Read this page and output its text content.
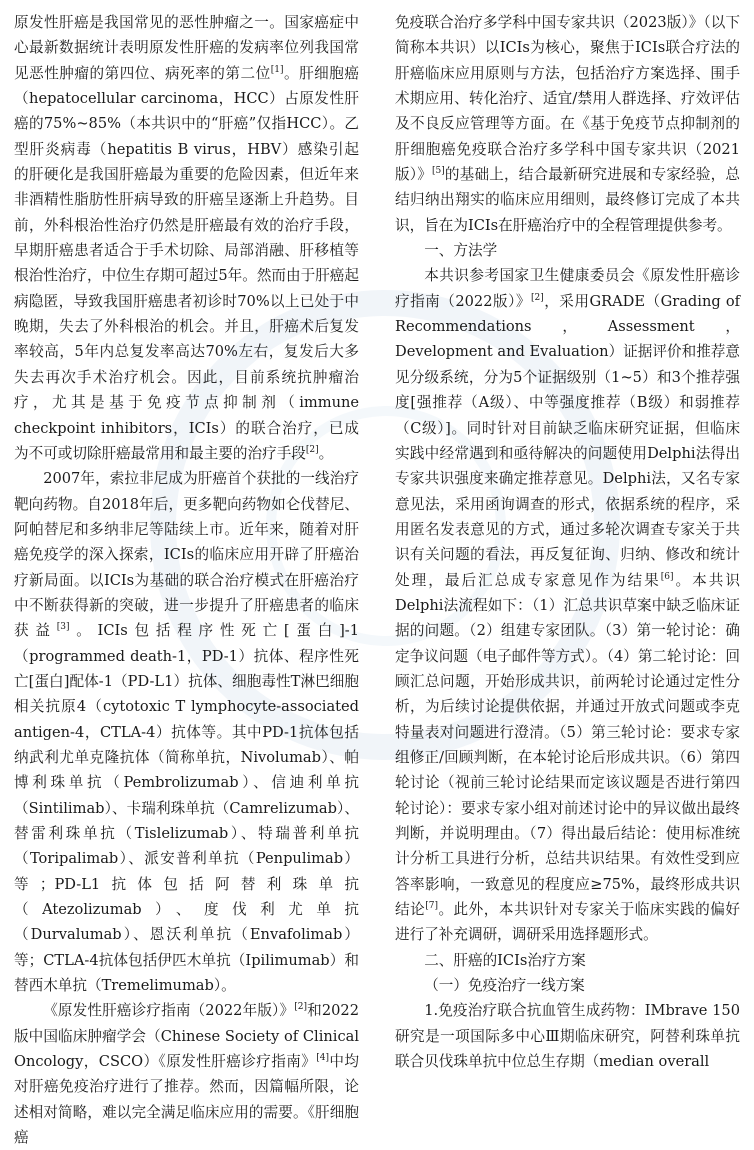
原发性肝癌是我国常见的恶性肿瘤之一。国家癌症中心最新数据统计表明原发性肝癌的发病率位列我国常见恶性肿瘤的第四位、病死率的第二位[1]。肝细胞癌（hepatocellular carcinoma，HCC）占原发性肝癌的75%~85%（本共识中的“肝癌”仅指HCC）。乙型肝炎病毒（hepatitis B virus，HBV）感染引起的肝硬化是我国肝癌最为重要的危险因素，但近年来非酒精性脂肪性肝病导致的肝癌呈逐渐上升趋势。目前，外科根治性治疗仍然是肝癌最有效的治疗手段，早期肝癌患者适合于手术切除、局部消融、肝移植等根治性治疗，中位生存期可超过5年。然而由于肝癌起病隐匿，导致我国肝癌患者初诊时70%以上已处于中晚期，失去了外科根治的机会。并且，肝癌术后复发率较高，5年内总复发率高达70%左右，复发后大多失去再次手术治疗机会。因此，目前系统抗肿瘤治疗，尤其是基于免疫节点抑制剂（immune checkpoint inhibitors，ICIs）的联合治疗，已成为不可或切除肝癌最常用和最主要的治疗手段[2]。

2007年，索拉非尼成为肝癌首个获批的一线治疗靶向药物。自2018年后，更多靶向药物如仑伐替尼、阿帕替尼和多纳非尼等陆续上市。近年来，随着对肝癌免疫学的深入探索，ICIs的临床应用开辟了肝癌治疗新局面。以ICIs为基础的联合治疗模式在肝癌治疗中不断获得新的突破，进一步提升了肝癌患者的临床获益[3]。ICIs包括程序性死亡[蛋白]-1（programmed death-1，PD-1）抗体、程序性死亡[蛋白]配体-1（PD-L1）抗体、细胞毒性T淋巴细胞相关抗原4（cytotoxic T lymphocyte-associated antigen-4，CTLA-4）抗体等。其中PD-1抗体包括纳武利尤单克隆抗体（简称单抗，Nivolumab）、帕博利珠单抗（Pembrolizumab）、信迪利单抗（Sintilimab）、卡瑞利珠单抗（Camrelizumab）、替雷利珠单抗（Tislelizumab）、特瑞普利单抗（Toripalimab）、派安普利单抗（Penpulimab）等；PD-L1抗体包括阿替利珠单抗（Atezolizumab）、度伐利尤单抗（Durvalumab）、恩沃利单抗（Envafolimab）等；CTLA-4抗体包括伊匹木单抗（Ipilimumab）和替西木单抗（Tremelimumab）。

《原发性肝癌诊疗指南（2022年版）》[2]和2022版中国临床肿瘤学会（Chinese Society of Clinical Oncology，CSCO）《原发性肝癌诊疗指南》[4]中均对肝癌免疫治疗进行了推荐。然而，因篇幅所限，论述相对简略，难以完全满足临床应用的需要。《肝细胞癌

免疫联合治疗多学科中国专家共识（2023版）》（以下简称本共识）以ICIs为核心，聚焦于ICIs联合疗法的肝癌临床应用原则与方法，包括治疗方案选择、围手术期应用、转化治疗、适宜/禁用人群选择、疗效评估及不良反应管理等方面。在《基于免疫节点抑制剂的肝细胞癌免疫联合治疗多学科中国专家共识（2021版）》[5]的基础上，结合最新研究进展和专家经验，总结归纳出翔实的临床应用细则，最终修订完成了本共识，旨在为ICIs在肝癌治疗中的全程管理提供参考。

一、方法学

本共识参考国家卫生健康委员会《原发性肝癌诊疗指南（2022版）》[2]，采用GRADE（Grading of Recommendations，Assessment，Development and Evaluation）证据评价和推荐意见分级系统，分为5个证据级别（1~5）和3个推荐强度[强推荐（A级）、中等强度推荐（B级）和弱推荐（C级）]。同时针对目前缺乏临床研究证据，但临床实践中经常遇到和亟待解决的问题使用Delphi法得出专家共识强度来确定推荐意见。Delphi法，又名专家意见法，采用函询调查的形式，依据系统的程序，采用匿名发表意见的方式，通过多轮次调查专家关于共识有关问题的看法，再反复征询、归纳、修改和统计处理，最后汇总成专家意见作为结果[6]。本共识Delphi法流程如下：（1）汇总共识草案中缺乏临床证据的问题。（2）组建专家团队。（3）第一轮讨论：确定争议问题（电子邮件等方式）。（4）第二轮讨论：回顾汇总问题，开始形成共识，前两轮讨论通过定性分析，为后续讨论提供依据，并通过开放式问题或李克特量表对问题进行澄清。（5）第三轮讨论：要求专家组修正/回顾判断，在本轮讨论后形成共识。（6）第四轮讨论（视前三轮讨论结果而定该议题是否进行第四轮讨论）：要求专家小组对前述讨论中的异议做出最终判断，并说明理由。（7）得出最后结论：使用标准统计分析工具进行分析，总结共识结果。有效性受到应答率影响，一致意见的程度应≥75%，最终形成共识结论[7]。此外，本共识针对专家关于临床实践的偏好进行了补充调研，调研采用选择题形式。

二、肝癌的ICIs治疗方案
（一）免疫治疗一线方案

1.免疫治疗联合抗血管生成药物：IMbrave 150研究是一项国际多中心Ⅲ期临床研究，阿替利珠单抗联合贝伐珠单抗中位总生存期（median overall
